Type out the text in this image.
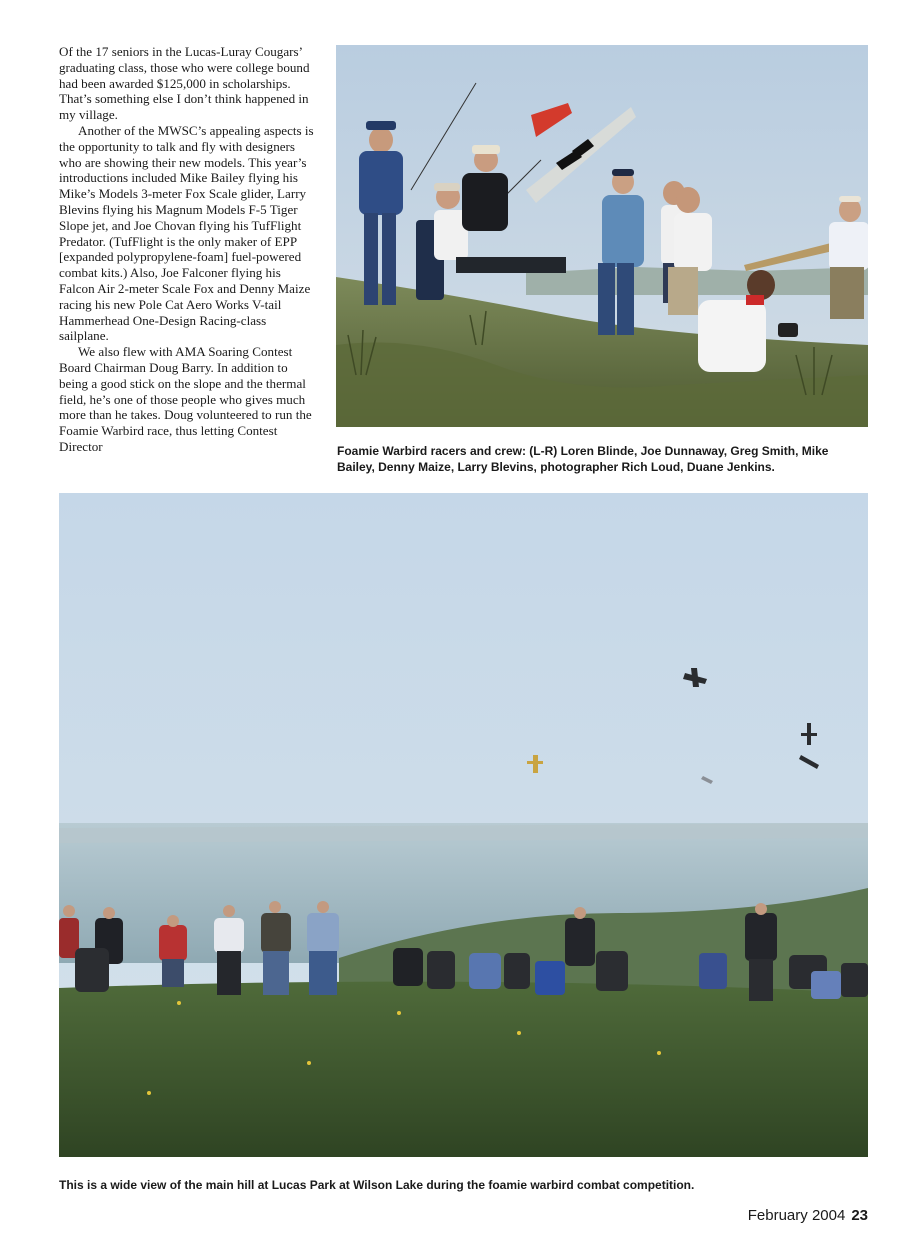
Of the 17 seniors in the Lucas-Luray Cougars’ graduating class, those who were college bound had been awarded $125,000 in scholarships. That’s something else I don’t think happened in my village.

Another of the MWSC’s appealing aspects is the opportunity to talk and fly with designers who are showing their new models. This year’s introductions included Mike Bailey flying his Mike’s Models 3-meter Fox Scale glider, Larry Blevins flying his Magnum Models F-5 Tiger Slope jet, and Joe Chovan flying his TufFlight Predator. (TufFlight is the only maker of EPP [expanded polypropylene-foam] fuel-powered combat kits.) Also, Joe Falconer flying his Falcon Air 2-meter Scale Fox and Denny Maize racing his new Pole Cat Aero Works V-tail Hammerhead One-Design Racing-class sailplane.

We also flew with AMA Soaring Contest Board Chairman Doug Barry. In addition to being a good stick on the slope and the thermal field, he’s one of those people who gives much more than he takes. Doug volunteered to run the Foamie Warbird race, thus letting Contest Director	Foamie Warbird racers and crew: (L-R) Loren Blinde, Joe Dunnaway, Greg Smith, Mike Bailey, Denny Maize, Larry Blevins, photographer Rich Loud, Duane Jenkins.
This is a wide view of the main hill at Lucas Park at Wilson Lake during the foamie warbird combat competition.
February 2004 23
